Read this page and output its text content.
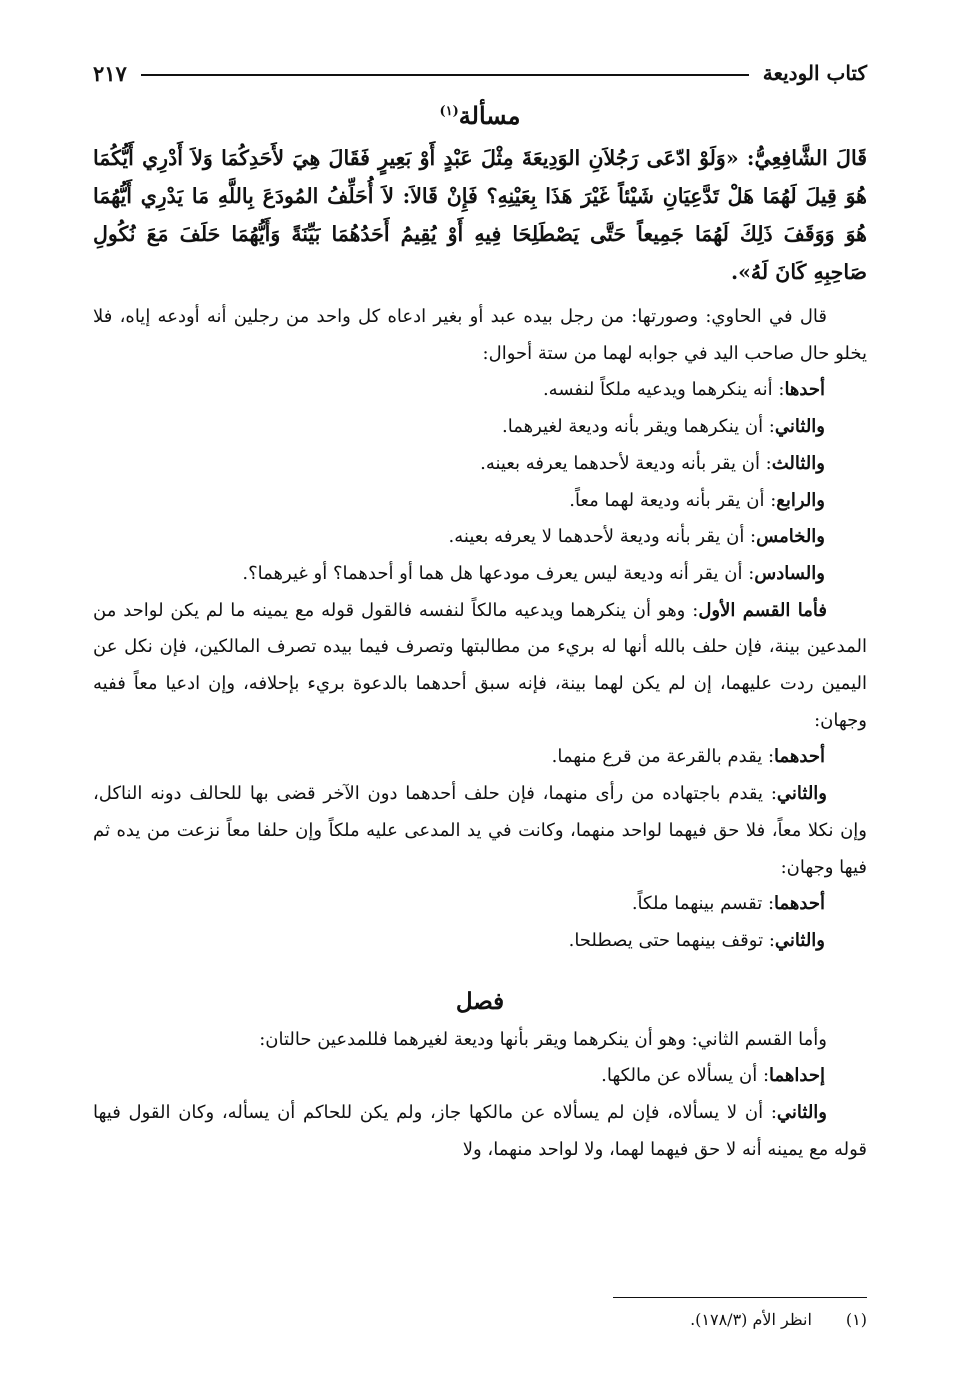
كتاب الوديعة
٢١٧
مسألة$^{(١)}$
قَالَ الشَّافِعِيُّ: «وَلَوْ ادّعَى رَجُلاَنِ الوَدِيعَةَ مِثْلَ عَبْدٍ أَوْ بَعِيرٍ فَقَالَ هِيَ لأَحَدِكُمَا وَلاَ أَدْرِي أَيُّكُمَا هُوَ قِيلَ لَهُمَا هَلْ تَدَّعِيَانِ شَيْئاً غَيْرَ هَذَا بِعَيْنِهِ؟ فَإِنْ قَالاَ: لاَ أُحَلِّفُ المُودَعَ بِاللَّهِ مَا يَدْرِي أَيُّهُمَا هُوَ وَوَقَفَ ذَلِكَ لَهُمَا جَمِيعاً حَتَّى يَصْطَلِحَا فِيهِ أَوْ يُقِيمُ أَحَدُهُمَا بَيِّنَةً وَأَيُّهُمَا حَلَفَ مَعَ نُكُولِ صَاحِبِهِ كَانَ لَهُ».
قال في الحاوي: وصورتها: من رجل بيده عبد أو بغير ادعاه كل واحد من رجلين أنه أودعه إياه، فلا يخلو حال صاحب اليد في جوابه لهما من ستة أحوال:
أحدها: أنه ينكرهما ويدعيه ملكاً لنفسه.
والثاني: أن ينكرهما ويقر بأنه وديعة لغيرهما.
والثالث: أن يقر بأنه وديعة لأحدهما يعرفه بعينه.
والرابع: أن يقر بأنه وديعة لهما معاً.
والخامس: أن يقر بأنه وديعة لأحدهما لا يعرفه بعينه.
والسادس: أن يقر أنه وديعة ليس يعرف مودعها هل هما أو أحدهما؟ أو غيرهما؟.
فأما القسم الأول: وهو أن ينكرهما ويدعيه مالكاً لنفسه فالقول قوله مع يمينه ما لم يكن لواحد من المدعين بينة، فإن حلف بالله أنها له بريء من مطالبتها وتصرف فيما بيده تصرف المالكين، فإن نكل عن اليمين ردت عليهما، إن لم يكن لهما بينة، فإنه سبق أحدهما بالدعوة بريء بإحلافه، وإن ادعيا معاً ففيه وجهان:
أحدهما: يقدم بالقرعة من قرع منهما.
والثاني: يقدم باجتهاده من رأى منهما، فإن حلف أحدهما دون الآخر قضى بها للحالف دونه الناكل، وإن نكلا معاً، فلا حق فيهما لواحد منهما، وكانت في يد المدعى عليه ملكاً وإن حلفا معاً نزعت من يده ثم فيها وجهان:
أحدهما: تقسم بينهما ملكاً.
والثاني: توقف بينهما حتى يصطلحا.
فصل
وأما القسم الثاني: وهو أن ينكرهما ويقر بأنها وديعة لغيرهما فللمدعين حالتان:
إحداهما: أن يسألاه عن مالكها.
والثاني: أن لا يسألاه، فإن لم يسألاه عن مالكها جاز، ولم يكن للحاكم أن يسأله، وكان القول فيها قوله مع يمينه أنه لا حق فيهما لهما، ولا لواحد منهما، ولا
(١)انظر الأم (١٧٨/٣).
